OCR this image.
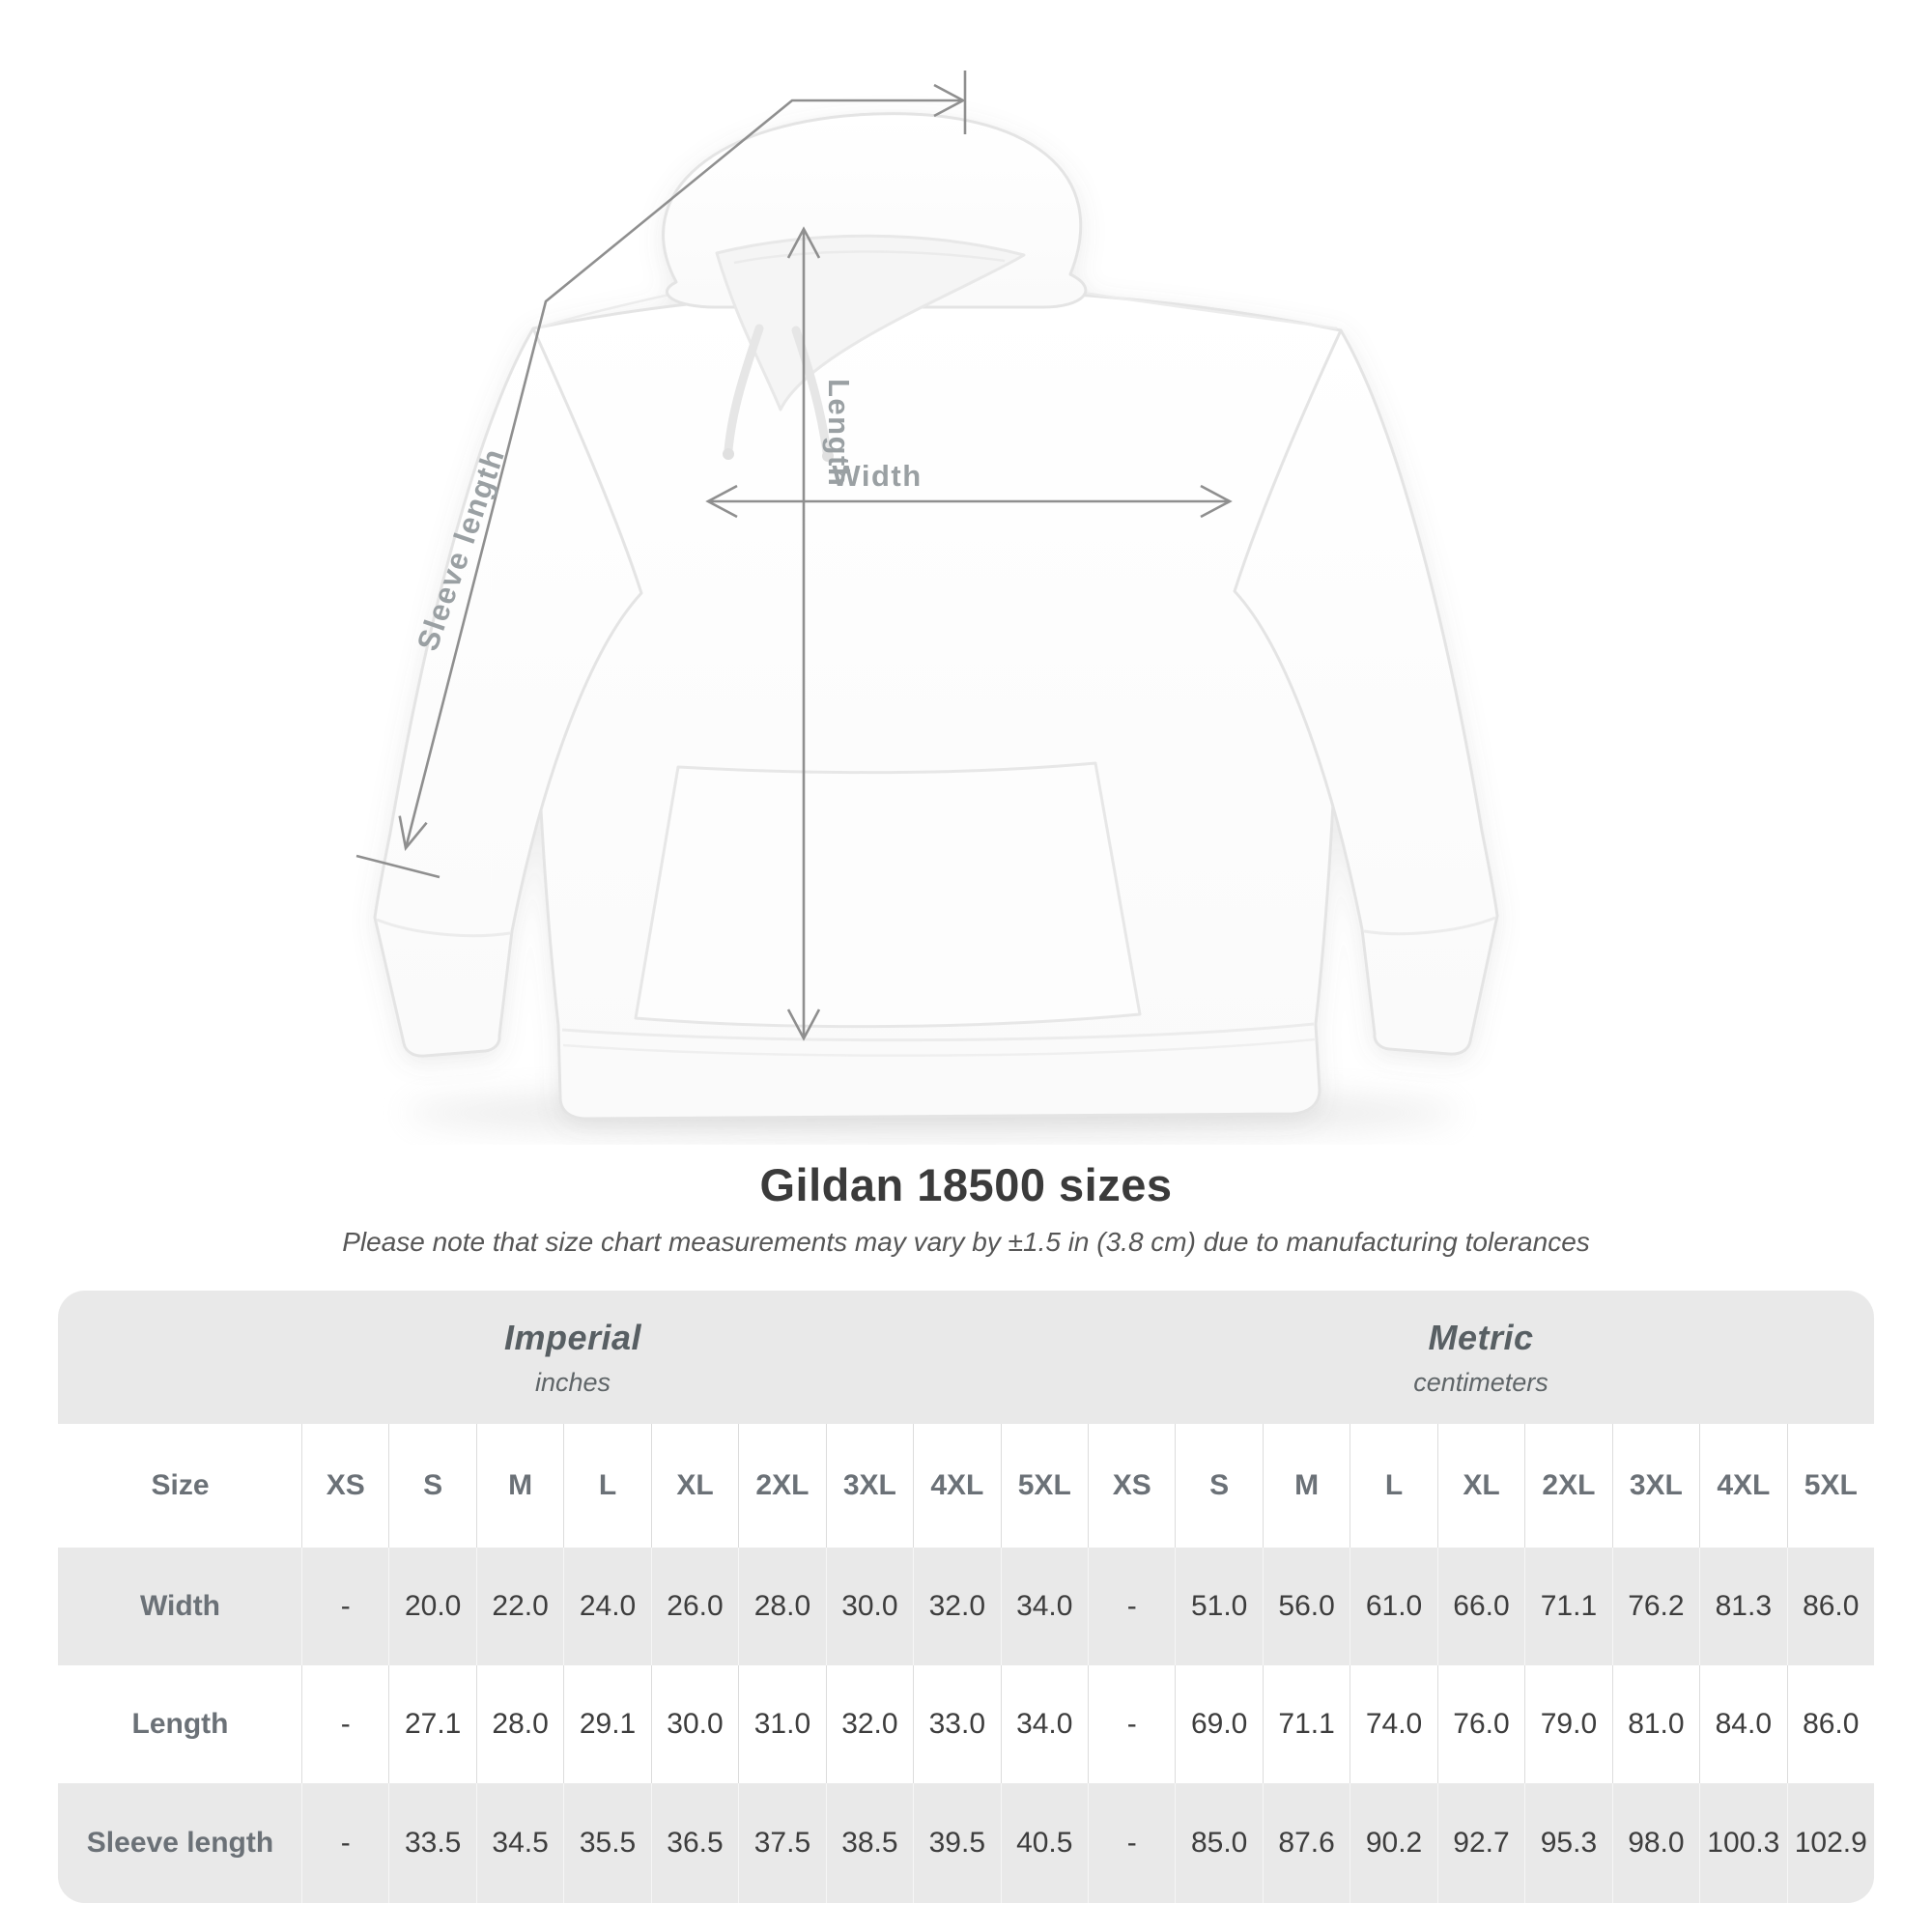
Sleeve length
Length
Width
Gildan 18500 sizes

Please note that size chart measurements may vary by ±1.5 in (3.8 cm) due to manufacturing tolerances

Imperial
inches
Metric
centimeters
Size	XS	S	M	L	XL	2XL	3XL	4XL	5XL	XS	S	M	L	XL	2XL	3XL	4XL	5XL
Width	-	20.0	22.0	24.0	26.0	28.0	30.0	32.0	34.0	-	51.0	56.0	61.0	66.0	71.1	76.2	81.3	86.0
Length	-	27.1	28.0	29.1	30.0	31.0	32.0	33.0	34.0	-	69.0	71.1	74.0	76.0	79.0	81.0	84.0	86.0
Sleeve length	-	33.5	34.5	35.5	36.5	37.5	38.5	39.5	40.5	-	85.0	87.6	90.2	92.7	95.3	98.0 100.3 102.9
